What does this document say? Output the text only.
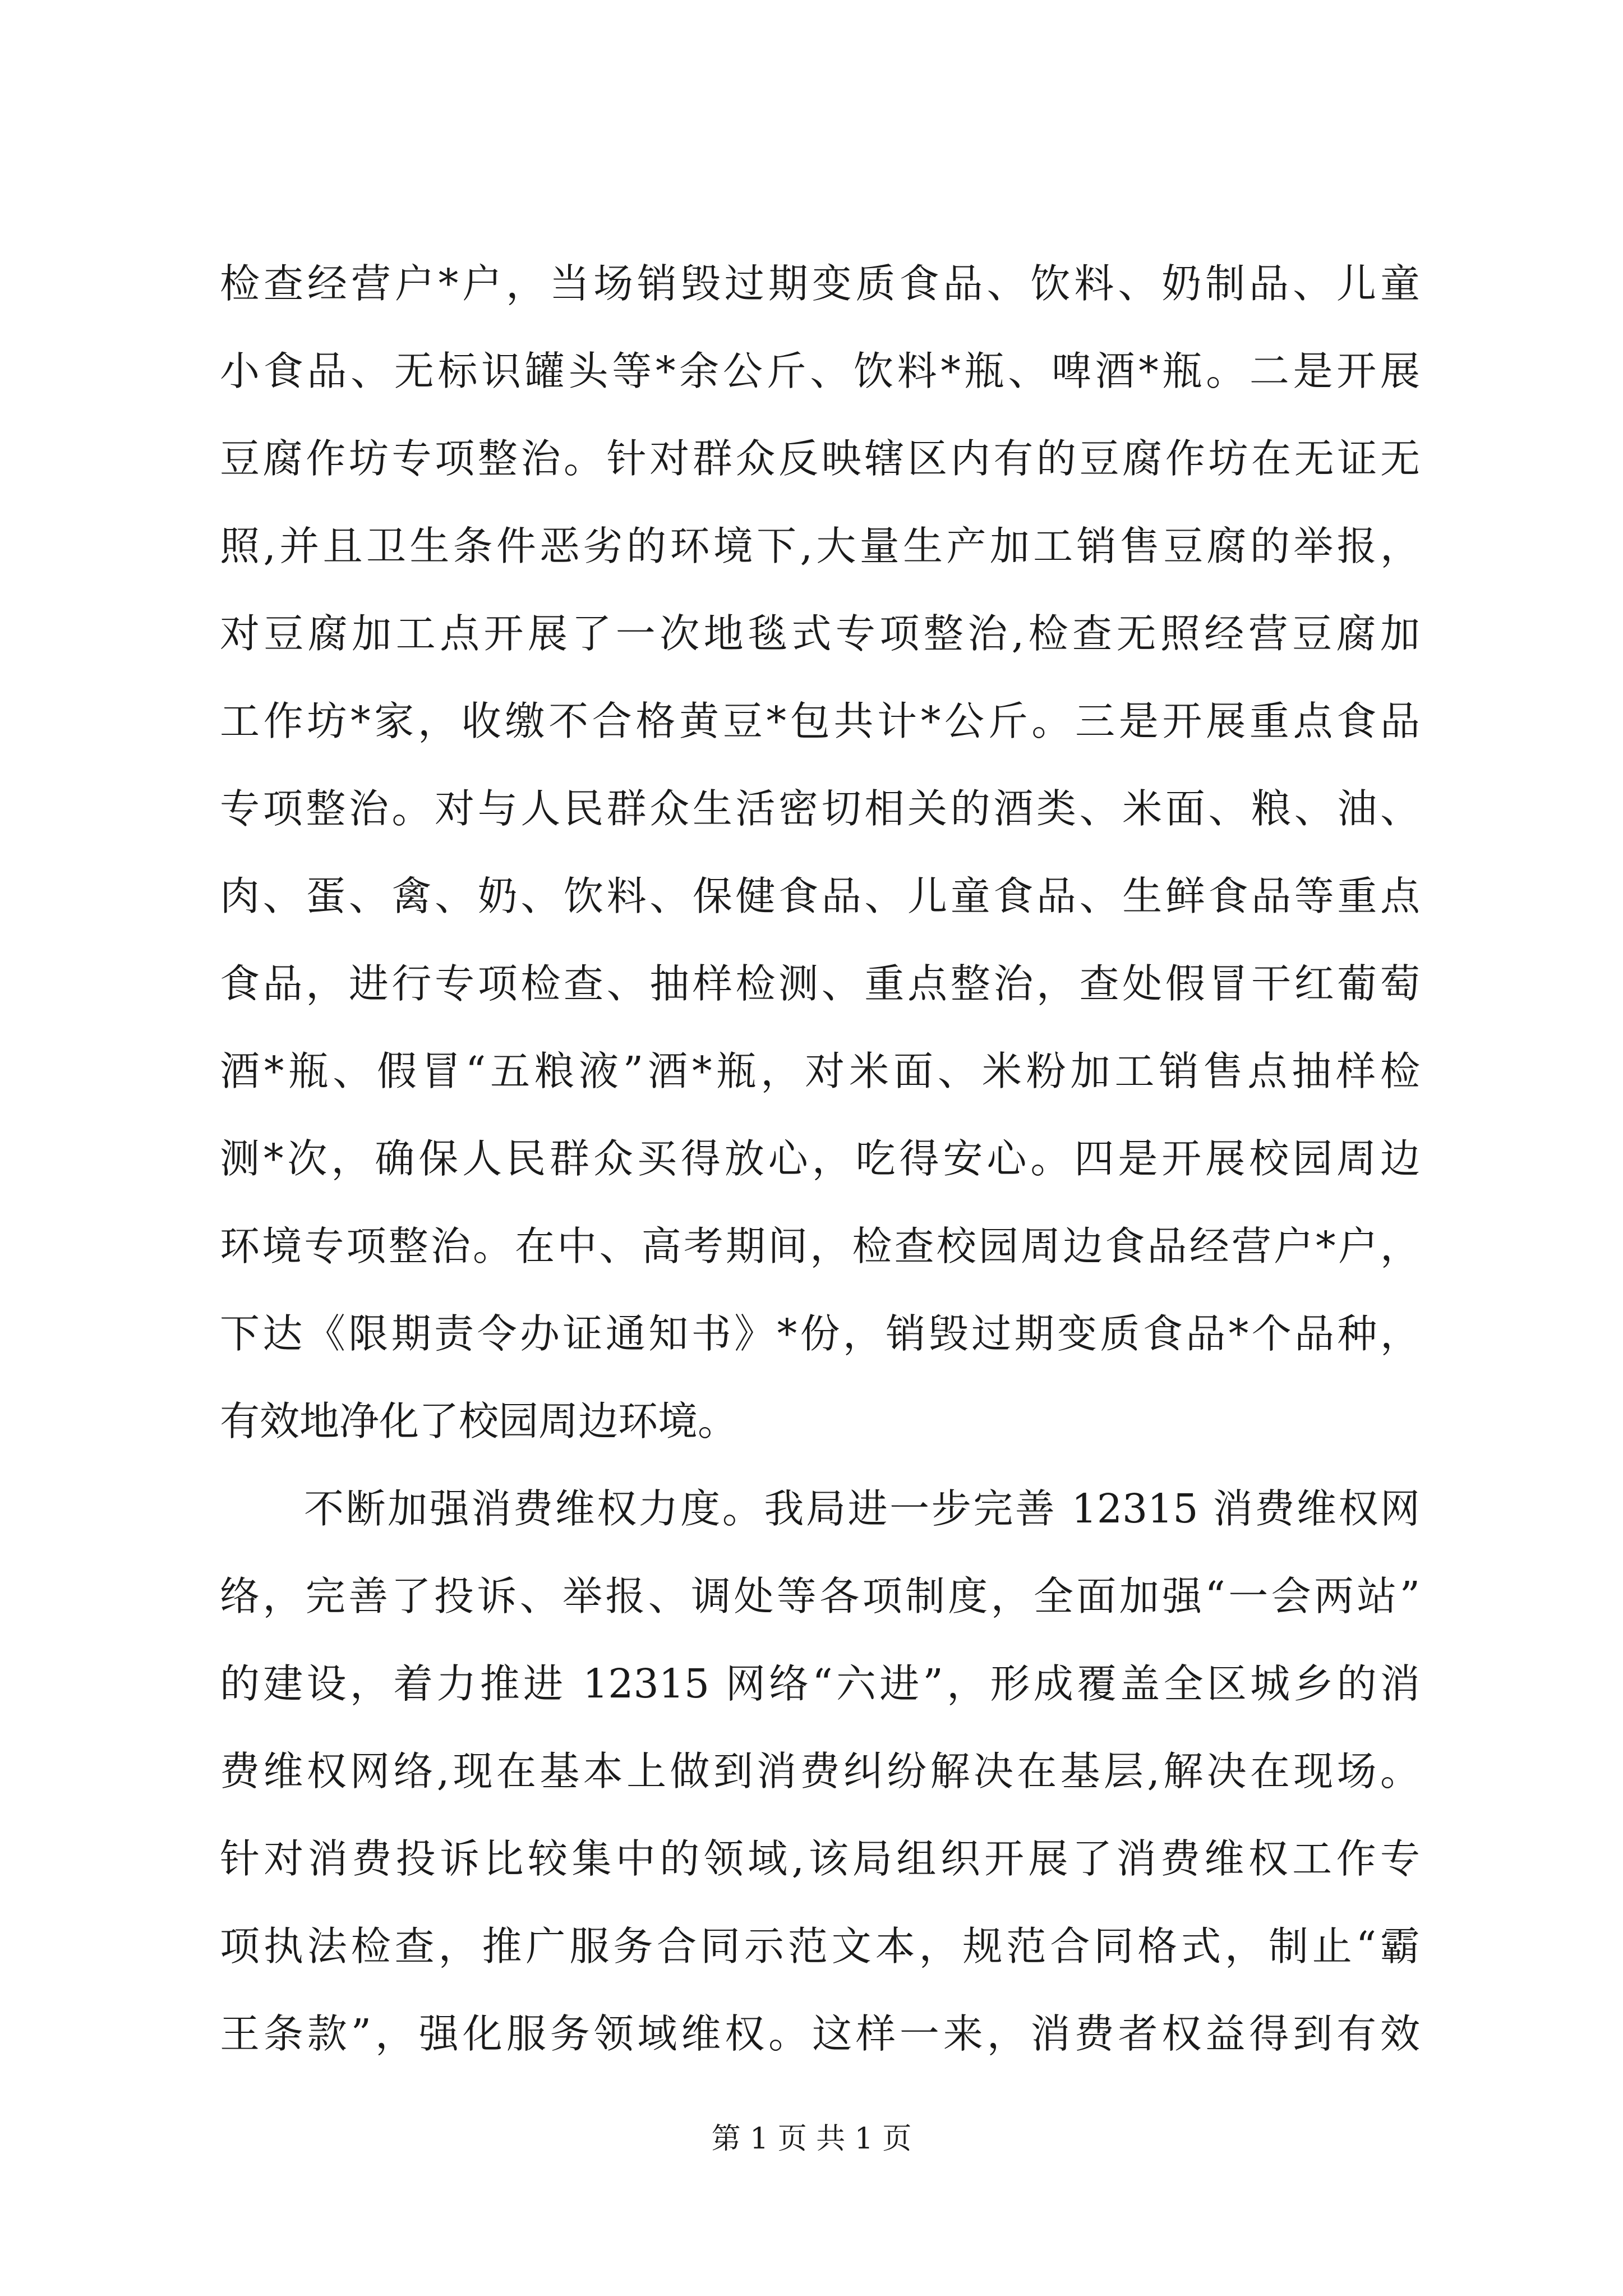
检查经营户*户，当场销毁过期变质食品、饮料、奶制品、儿童
小食品、无标识罐头等*余公斤、饮料*瓶、啤酒*瓶。二是开展
豆腐作坊专项整治。针对群众反映辖区内有的豆腐作坊在无证无
照,并且卫生条件恶劣的环境下,大量生产加工销售豆腐的举报，
对豆腐加工点开展了一次地毯式专项整治,检查无照经营豆腐加
工作坊*家，收缴不合格黄豆*包共计*公斤。三是开展重点食品
专项整治。对与人民群众生活密切相关的酒类、米面、粮、油、
肉、蛋、禽、奶、饮料、保健食品、儿童食品、生鲜食品等重点
食品，进行专项检查、抽样检测、重点整治，查处假冒干红葡萄
酒*瓶、假冒“五粮液”酒*瓶，对米面、米粉加工销售点抽样检
测*次，确保人民群众买得放心，吃得安心。四是开展校园周边
环境专项整治。在中、高考期间，检查校园周边食品经营户*户，
下达《限期责令办证通知书》*份，销毁过期变质食品*个品种，
有效地净化了校园周边环境。
不断加强消费维权力度。我局进一步完善 12315 消费维权网
络，完善了投诉、举报、调处等各项制度，全面加强“一会两站”
的建设，着力推进 12315 网络“六进”，形成覆盖全区城乡的消
费维权网络,现在基本上做到消费纠纷解决在基层,解决在现场。
针对消费投诉比较集中的领域,该局组织开展了消费维权工作专
项执法检查，推广服务合同示范文本，规范合同格式，制止“霸
王条款”，强化服务领域维权。这样一来，消费者权益得到有效
第 1 页 共 1 页
